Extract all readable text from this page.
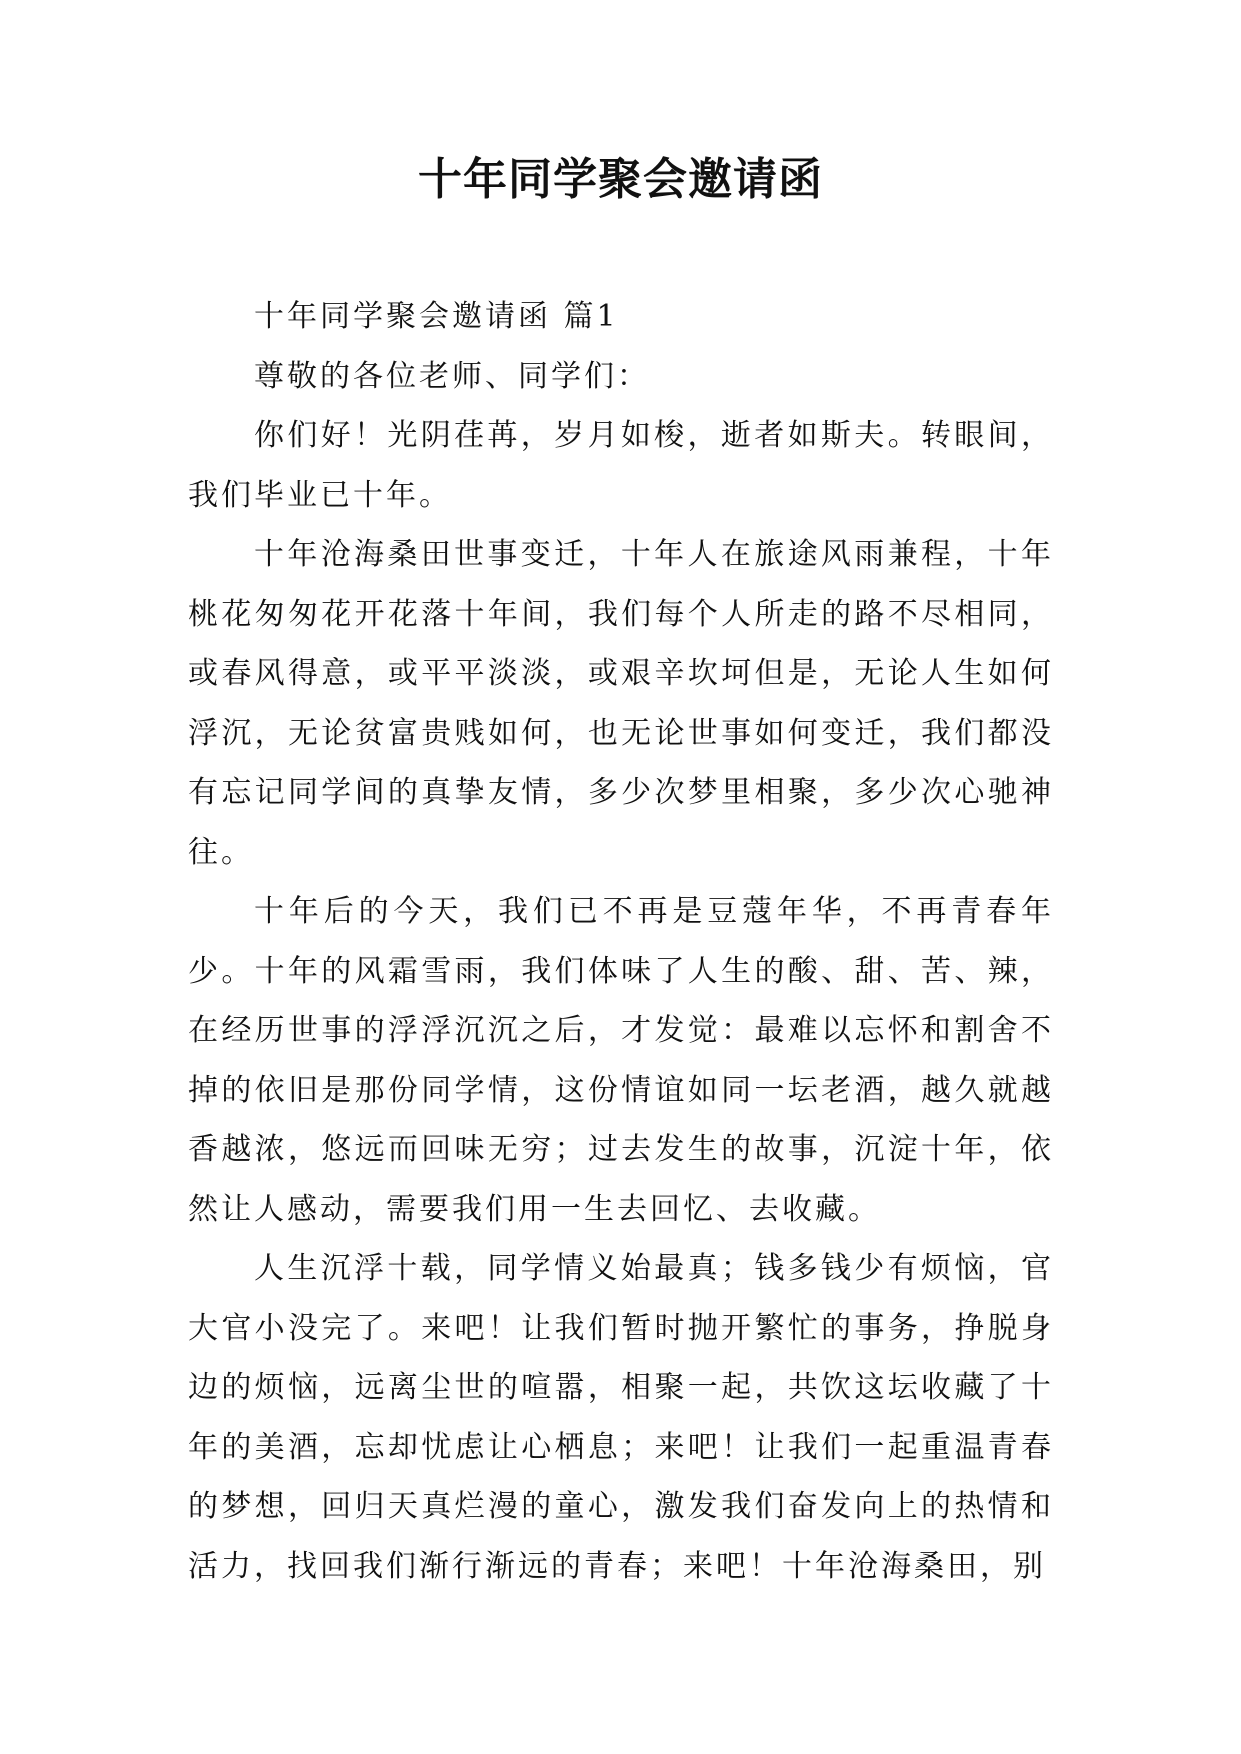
十年同学聚会邀请函

十年同学聚会邀请函 篇1

尊敬的各位老师、同学们：

你们好！光阴荏苒，岁月如梭，逝者如斯夫。转眼间，我们毕业已十年。

十年沧海桑田世事变迁，十年人在旅途风雨兼程，十年桃花匆匆花开花落十年间，我们每个人所走的路不尽相同，或春风得意，或平平淡淡，或艰辛坎坷但是，无论人生如何浮沉，无论贫富贵贱如何，也无论世事如何变迁，我们都没有忘记同学间的真挚友情，多少次梦里相聚，多少次心驰神往。

十年后的今天，我们已不再是豆蔻年华，不再青春年少。十年的风霜雪雨，我们体味了人生的酸、甜、苦、辣，在经历世事的浮浮沉沉之后，才发觉：最难以忘怀和割舍不掉的依旧是那份同学情，这份情谊如同一坛老酒，越久就越香越浓，悠远而回味无穷；过去发生的故事，沉淀十年，依然让人感动，需要我们用一生去回忆、去收藏。

人生沉浮十载，同学情义始最真；钱多钱少有烦恼，官大官小没完了。来吧！让我们暂时抛开繁忙的事务，挣脱身边的烦恼，远离尘世的喧嚣，相聚一起，共饮这坛收藏了十年的美酒，忘却忧虑让心栖息；来吧！让我们一起重温青春的梦想，回归天真烂漫的童心，激发我们奋发向上的热情和活力，找回我们渐行渐远的青春；来吧！十年沧海桑田，别
